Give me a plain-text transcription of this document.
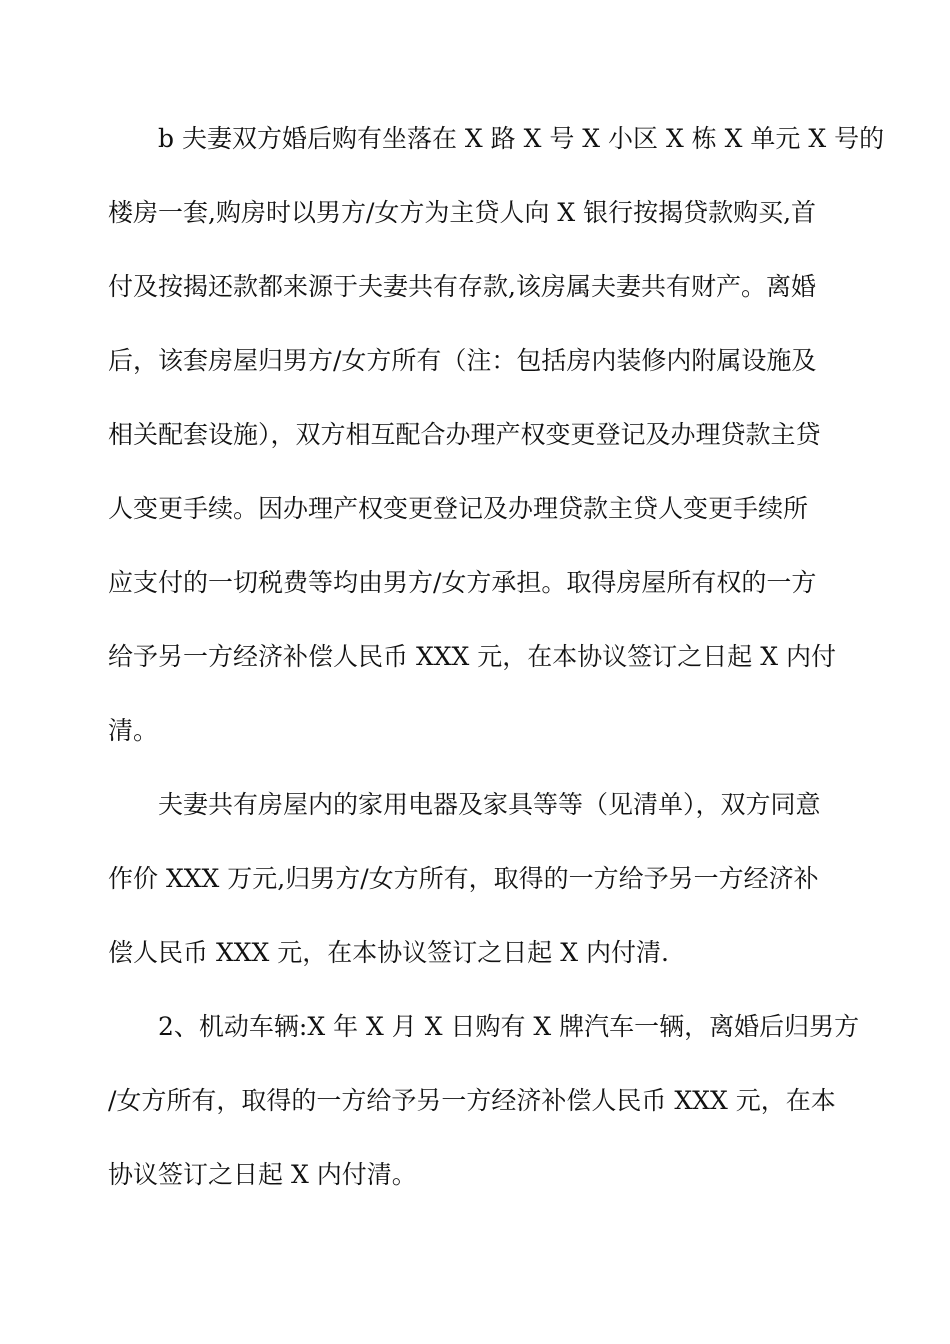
b 夫妻双方婚后购有坐落在 X 路 X 号 X 小区 X 栋 X 单元 X 号的
楼房一套,购房时以男方/女方为主贷人向 X 银行按揭贷款购买,首
付及按揭还款都来源于夫妻共有存款,该房属夫妻共有财产。离婚
后，该套房屋归男方/女方所有（注：包括房内装修内附属设施及
相关配套设施），双方相互配合办理产权变更登记及办理贷款主贷
人变更手续。因办理产权变更登记及办理贷款主贷人变更手续所
应支付的一切税费等均由男方/女方承担。取得房屋所有权的一方
给予另一方经济补偿人民币 XXX 元，在本协议签订之日起 X 内付
清。
夫妻共有房屋内的家用电器及家具等等（见清单），双方同意
作价 XXX 万元,归男方/女方所有，取得的一方给予另一方经济补
偿人民币 XXX 元，在本协议签订之日起 X 内付清.
2、机动车辆:X 年 X 月 X 日购有 X 牌汽车一辆，离婚后归男方
/女方所有，取得的一方给予另一方经济补偿人民币 XXX 元，在本
协议签订之日起 X 内付清。
